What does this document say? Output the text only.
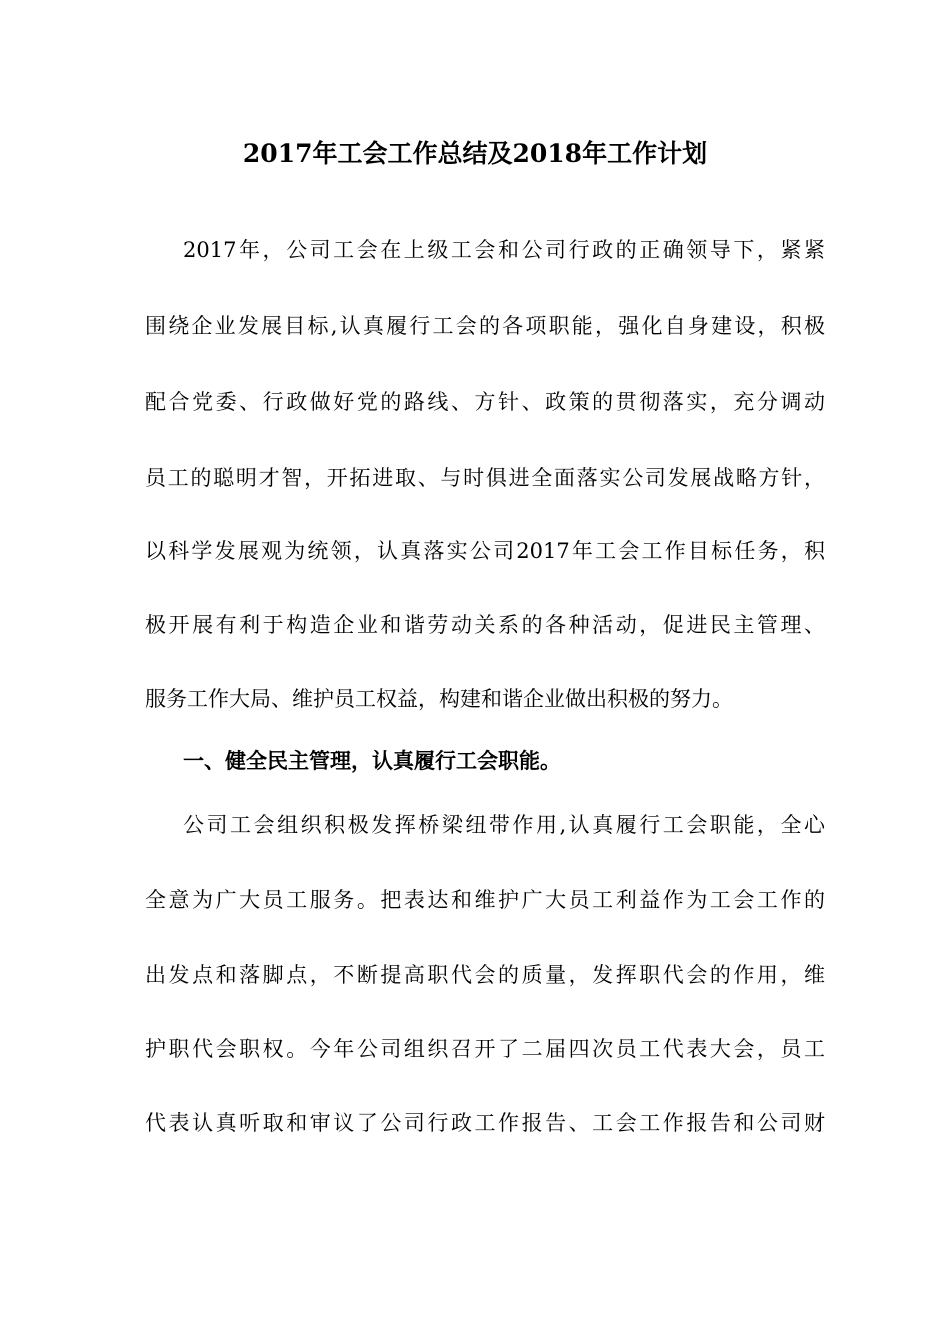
2017年工会工作总结及2018年工作计划

2017年，公司工会在上级工会和公司行政的正确领导下，紧紧

围绕企业发展目标,认真履行工会的各项职能，强化自身建设，积极

配合党委、行政做好党的路线、方针、政策的贯彻落实，充分调动

员工的聪明才智，开拓进取、与时俱进全面落实公司发展战略方针，

以科学发展观为统领，认真落实公司2017年工会工作目标任务，积

极开展有利于构造企业和谐劳动关系的各种活动，促进民主管理、

服务工作大局、维护员工权益，构建和谐企业做出积极的努力。

一、健全民主管理，认真履行工会职能。

公司工会组织积极发挥桥梁纽带作用,认真履行工会职能，全心

全意为广大员工服务。把表达和维护广大员工利益作为工会工作的

出发点和落脚点，不断提高职代会的质量，发挥职代会的作用，维

护职代会职权。今年公司组织召开了二届四次员工代表大会，员工

代表认真听取和审议了公司行政工作报告、工会工作报告和公司财
